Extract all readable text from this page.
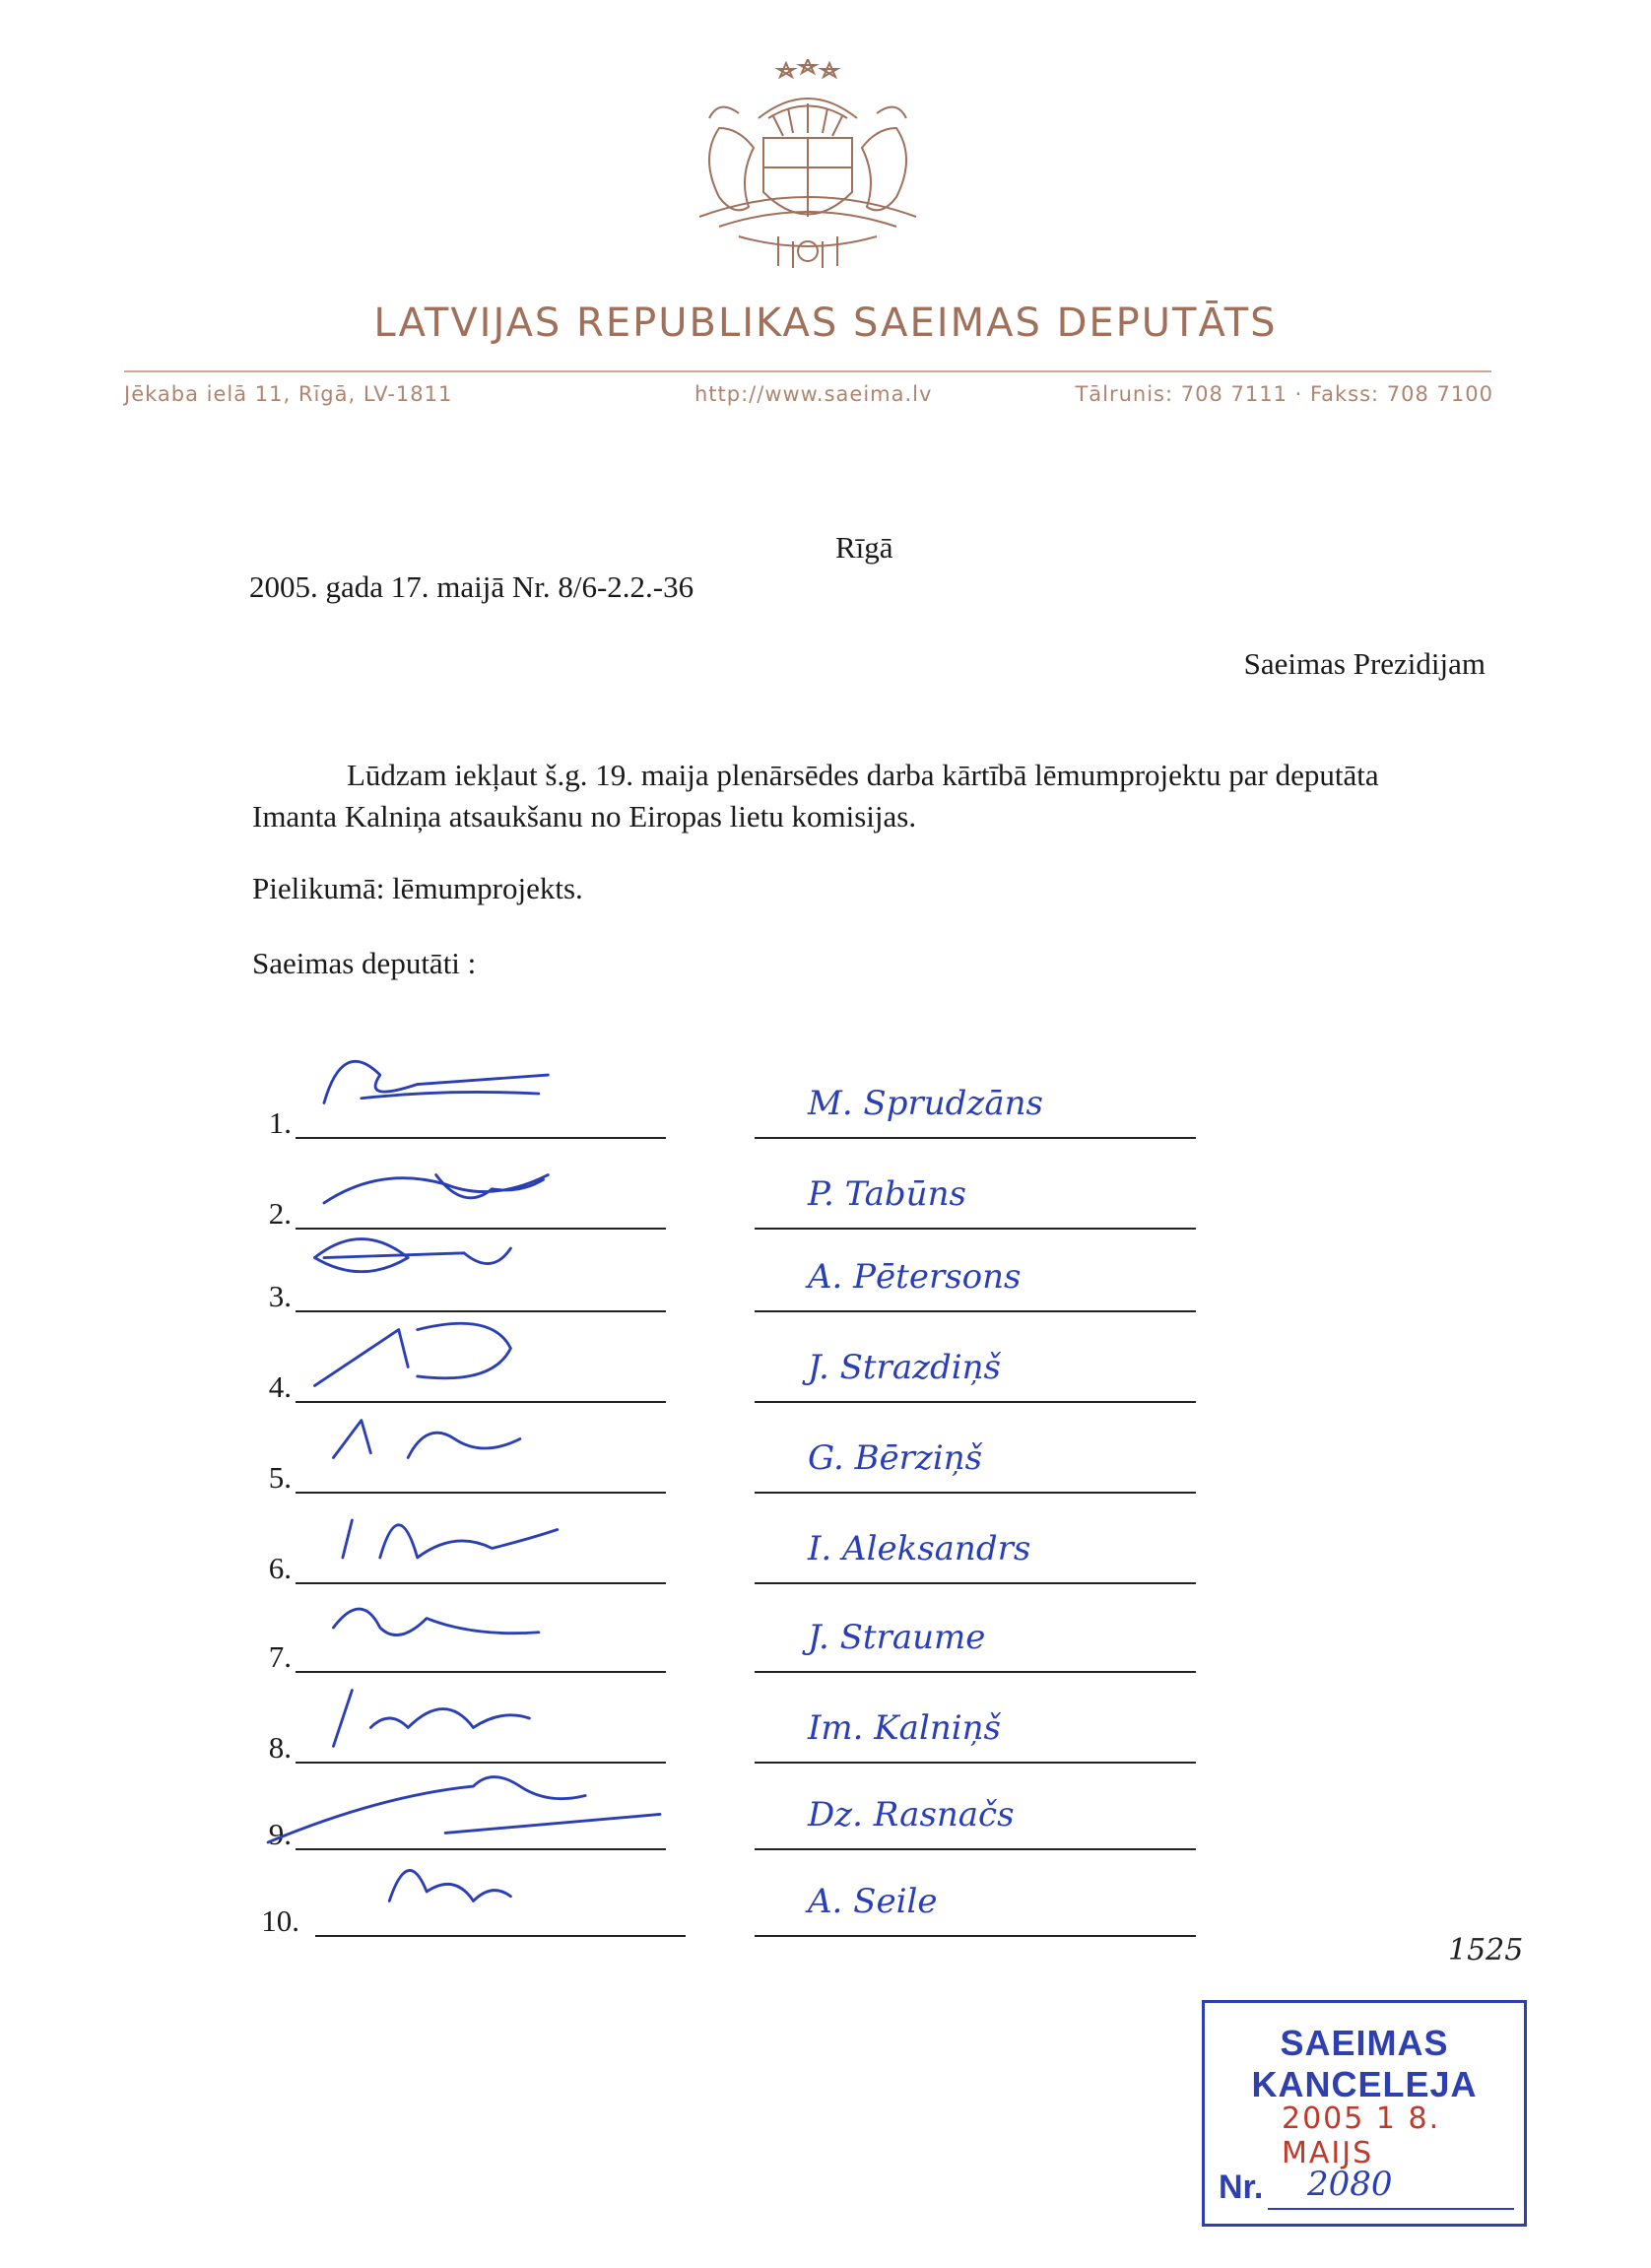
LATVIJAS REPUBLIKAS SAEIMAS DEPUTĀTS
Jēkaba ielā 11, Rīgā, LV-1811	http://www.saeima.lv	Tālrunis: 708 7111 · Fakss: 708 7100
Rīgā
2005. gada 17. maijā Nr. 8/6-2.2.-36
Saeimas Prezidijam

Lūdzam iekļaut š.g. 19. maija plenārsēdes darba kārtībā lēmumprojektu par deputāta

Imanta Kalniņa atsaukšanu no Eiropas lietu komisijas.

Pielikumā: lēmumprojekts.
Saeimas deputāti :
1.	M. Sprudzāns
2.	P. Tabūns
3.	A. Pētersons
4.	J. Strazdiņš
5.	G. Bērziņš
6.	I. Aleksandrs
7.	J. Straume
8.	Im. Kalniņš
9.	Dz. Rasnačs
10.	A. Seile
1525
SAEIMAS KANCELEJA
2005 1 8. MAIJS
Nr. 2080
